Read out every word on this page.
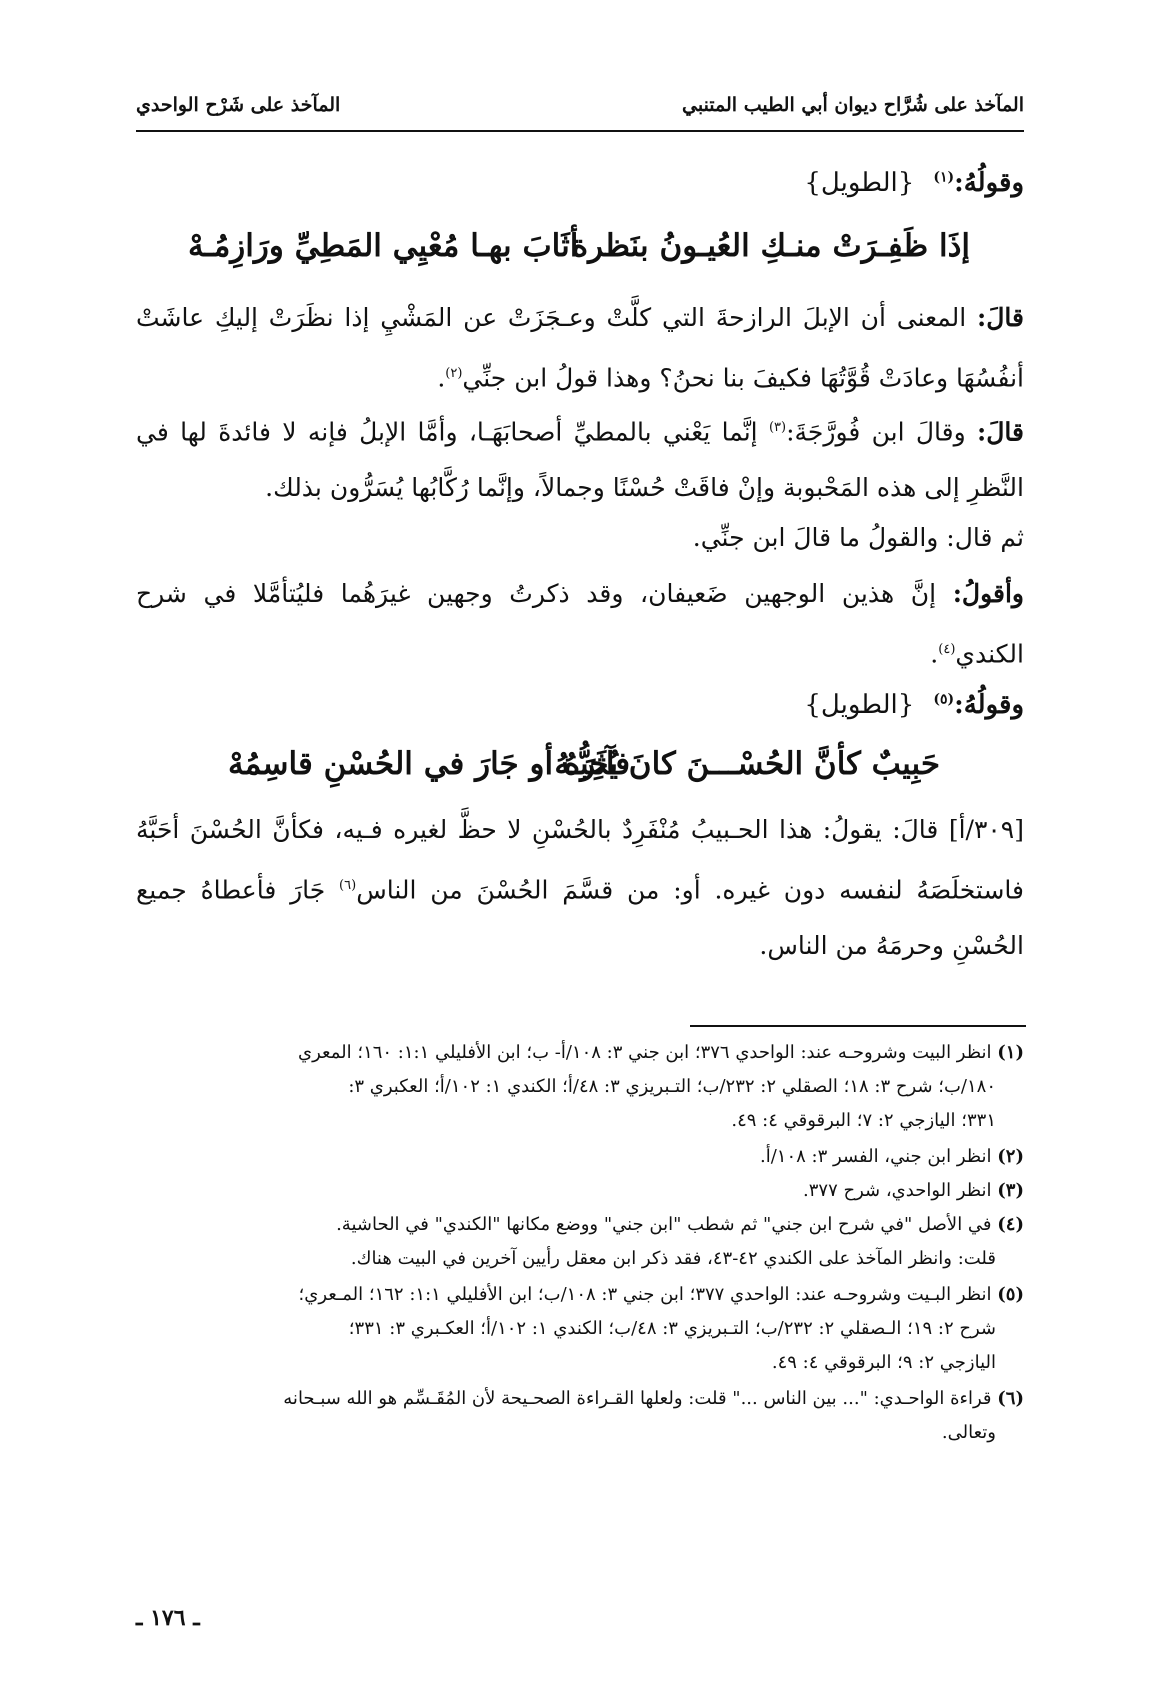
المآخذ على شُرَّاح ديوان أبي الطيب المتنبي
المآخذ على شَرْح الواحدي
وقولُهُ:$^{(١)}$ {الطويل}
إذَا ظَفِـرَتْ منـكِ العُيـونُ بنَظرة
أثَابَ بهـا مُعْيِي المَطِيِّ ورَازِمُـهْ
قالَ: المعنى أن الإبلَ الرازحةَ التي كلَّتْ وعـجَزَتْ عن المَشْيِ إذا نظَرَتْ إليكِ عاشَتْ أنفُسُهَا وعادَتْ قُوَّتُهَا فكيفَ بنا نحنُ؟ وهذا قولُ ابن جنِّي$^{(٢)}$.
قالَ: وقالَ ابن فُورَّجَةَ:$^{(٣)}$ إنَّما يَعْني بالمطيِّ أصحابَهَـا، وأمَّا الإبلُ فإنه لا فائدةَ لها في النَّظرِ إلى هذه المَحْبوبة وإنْ فاقَتْ حُسْنًا وجمالاً، وإنَّما رُكَّابُها يُسَرُّون بذلك.
ثم قال: والقولُ ما قالَ ابن جنِّي.
وأقولُ: إنَّ هذين الوجهين ضَعيفان، وقد ذكرتُ وجهين غيرَهُما فليُتأمَّلا في شرح الكندي$^{(٤)}$.
وقولُهُ:$^{(٥)}$ {الطويل}
حَبِيبٌ كأنَّ الحُسْـــنَ كانَ يُحِبُّـهُ
فآثَرَهُ أو جَارَ في الحُسْنِ قاسِمُهْ
[٣٠٩/أ] قالَ: يقولُ: هذا الحـبيبُ مُنْفَرِدٌ بالحُسْنِ لا حظَّ لغيره فـيه، فكأنَّ الحُسْنَ أحَبَّهُ فاستخلَصَهُ لنفسه دون غيره. أو: من قسَّمَ الحُسْنَ من الناس$^{(٦)}$ جَارَ فأعطاهُ جميع الحُسْنِ وحرمَهُ من الناس.
(١) انظر البيت وشروحـه عند: الواحدي ٣٧٦؛ ابن جني ٣: ١٠٨/أ- ب؛ ابن الأفليلي ١:١: ١٦٠؛ المعري
١٨٠/ب؛ شرح ٣: ١٨؛ الصقلي ٢: ٢٣٢/ب؛ التـبريزي ٣: ٤٨/أ؛ الكندي ١: ١٠٢/أ؛ العكبري ٣:
٣٣١؛ اليازجي ٢: ٧؛ البرقوقي ٤: ٤٩.
(٢) انظر ابن جني، الفسر ٣: ١٠٨/أ.
(٣) انظر الواحدي، شرح ٣٧٧.
(٤) في الأصل "في شرح ابن جني" ثم شطب "ابن جني" ووضع مكانها "الكندي" في الحاشية.
قلت: وانظر المآخذ على الكندي ٤٢-٤٣، فقد ذكر ابن معقل رأيين آخرين في البيت هناك.
(٥) انظر البـيت وشروحـه عند: الواحدي ٣٧٧؛ ابن جني ٣: ١٠٨/ب؛ ابن الأفليلي ١:١: ١٦٢؛ المـعري؛
شرح ٢: ١٩؛ الـصقلي ٢: ٢٣٢/ب؛ التـبريزي ٣: ٤٨/ب؛ الكندي ١: ١٠٢/أ؛ العكـبري ٣: ٣٣١؛
اليازجي ٢: ٩؛ البرقوقي ٤: ٤٩.
(٦) قراءة الواحـدي: "... بين الناس ..." قلت: ولعلها القـراءة الصحـيحة لأن المُقَـسِّم هو الله سبـحانه
وتعالى.
ـ ١٧٦ ـ
